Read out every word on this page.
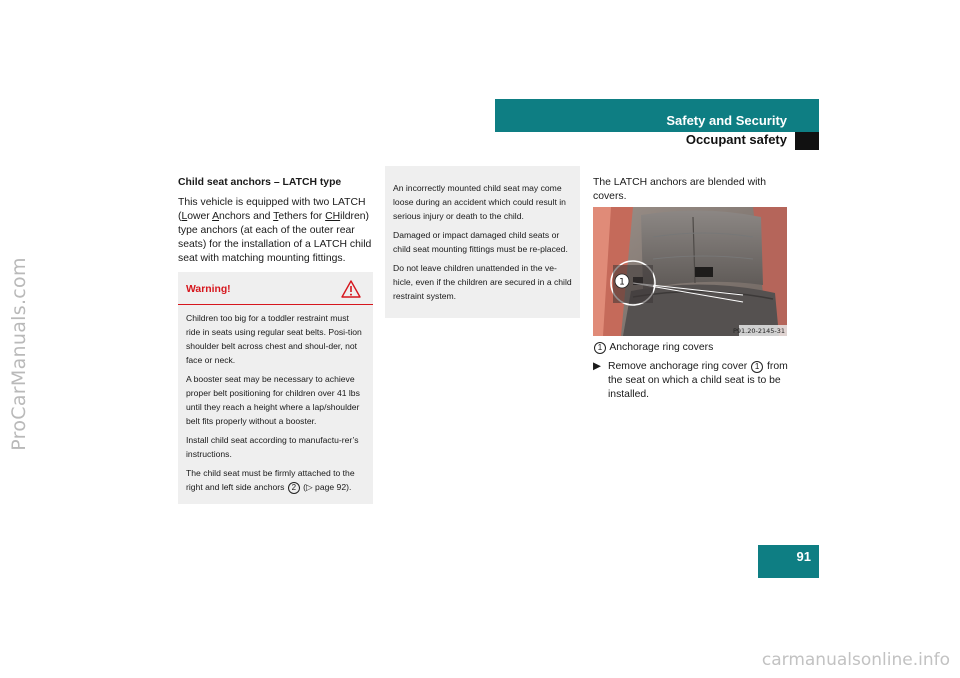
ProCarManuals.com
Safety and Security
Occupant safety
91
Child seat anchors – LATCH type

This vehicle is equipped with two LATCH
(Lower Anchors and Tethers for CHildren) type anchors (at each of the outer rear seats) for the installation of a LATCH child seat with matching mounting fittings.

Warning!

Children too big for a toddler restraint must ride in seats using regular seat belts. Posi-tion shoulder belt across chest and shoul-der, not face or neck.

A booster seat may be necessary to achieve proper belt positioning for children over 41 lbs until they reach a height where a lap/shoulder belt fits properly without a booster.

Install child seat according to manufactu-rer’s instructions.

The child seat must be firmly attached to the right and left side anchors 2 (▷ page 92).

An incorrectly mounted child seat may come loose during an accident which could result in serious injury or death to the child.

Damaged or impact damaged child seats or child seat mounting fittings must be re-placed.

Do not leave children unattended in the ve-hicle, even if the children are secured in a child restraint system.

The LATCH anchors are blended with covers.

1
P91.20-2145-31
1 Anchorage ring covers
▶ Remove anchorage ring cover 1 from the seat on which a child seat is to be installed.
carmanualsonline.info
